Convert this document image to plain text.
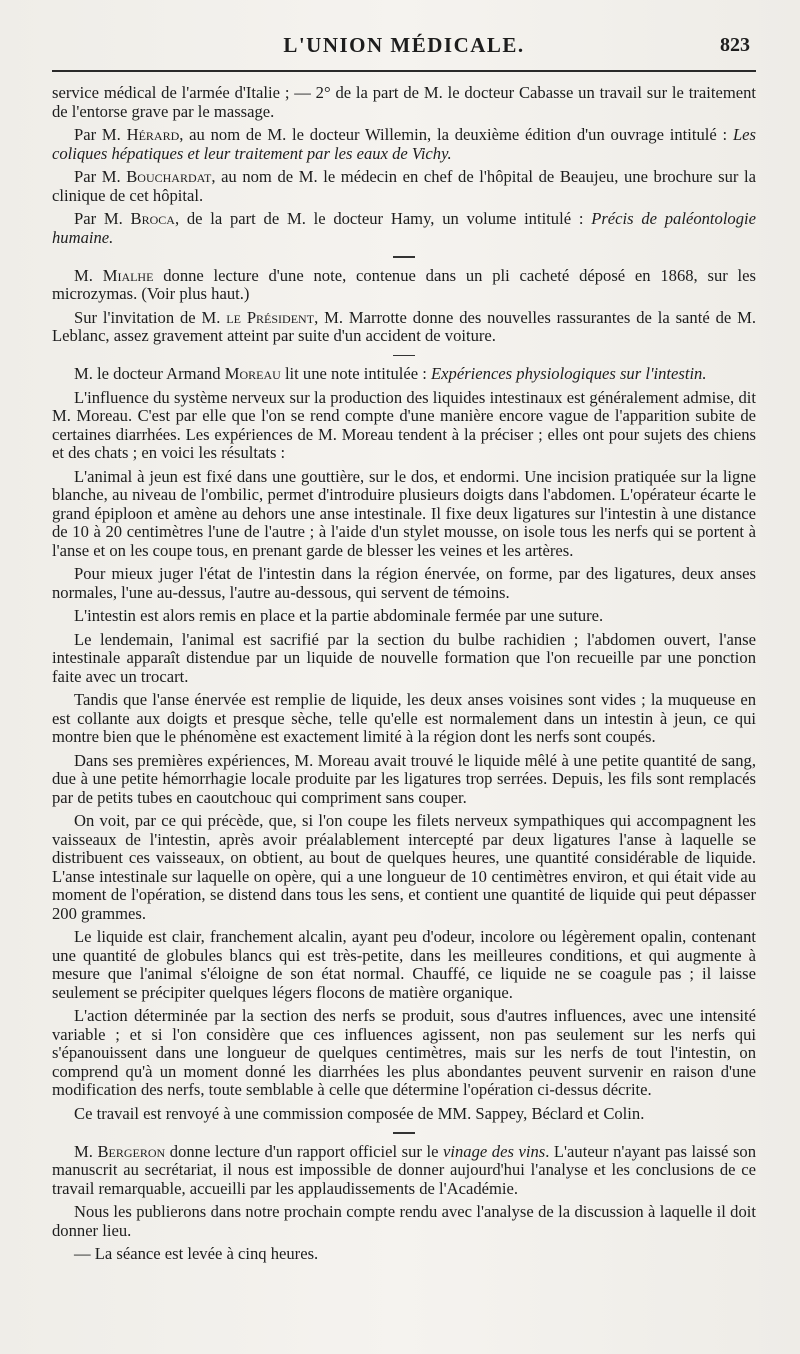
L'UNION MÉDICALE.	823

service médical de l'armée d'Italie ; — 2° de la part de M. le docteur Cabasse un travail sur le traitement de l'entorse grave par le massage.

Par M. Hérard, au nom de M. le docteur Willemin, la deuxième édition d'un ouvrage intitulé : Les coliques hépatiques et leur traitement par les eaux de Vichy.

Par M. Bouchardat, au nom de M. le médecin en chef de l'hôpital de Beaujeu, une brochure sur la clinique de cet hôpital.

Par M. Broca, de la part de M. le docteur Hamy, un volume intitulé : Précis de paléontologie humaine.

M. Mialhe donne lecture d'une note, contenue dans un pli cacheté déposé en 1868, sur les microzymas. (Voir plus haut.)

Sur l'invitation de M. le Président, M. Marrotte donne des nouvelles rassurantes de la santé de M. Leblanc, assez gravement atteint par suite d'un accident de voiture.

M. le docteur Armand Moreau lit une note intitulée : Expériences physiologiques sur l'intestin.

L'influence du système nerveux sur la production des liquides intestinaux est généralement admise, dit M. Moreau. C'est par elle que l'on se rend compte d'une manière encore vague de l'apparition subite de certaines diarrhées. Les expériences de M. Moreau tendent à la préciser ; elles ont pour sujets des chiens et des chats ; en voici les résultats :

L'animal à jeun est fixé dans une gouttière, sur le dos, et endormi. Une incision pratiquée sur la ligne blanche, au niveau de l'ombilic, permet d'introduire plusieurs doigts dans l'abdomen. L'opérateur écarte le grand épiploon et amène au dehors une anse intestinale. Il fixe deux ligatures sur l'intestin à une distance de 10 à 20 centimètres l'une de l'autre ; à l'aide d'un stylet mousse, on isole tous les nerfs qui se portent à l'anse et on les coupe tous, en prenant garde de blesser les veines et les artères.

Pour mieux juger l'état de l'intestin dans la région énervée, on forme, par des ligatures, deux anses normales, l'une au-dessus, l'autre au-dessous, qui servent de témoins.

L'intestin est alors remis en place et la partie abdominale fermée par une suture.

Le lendemain, l'animal est sacrifié par la section du bulbe rachidien ; l'abdomen ouvert, l'anse intestinale apparaît distendue par un liquide de nouvelle formation que l'on recueille par une ponction faite avec un trocart.

Tandis que l'anse énervée est remplie de liquide, les deux anses voisines sont vides ; la muqueuse en est collante aux doigts et presque sèche, telle qu'elle est normalement dans un intestin à jeun, ce qui montre bien que le phénomène est exactement limité à la région dont les nerfs sont coupés.

Dans ses premières expériences, M. Moreau avait trouvé le liquide mêlé à une petite quantité de sang, due à une petite hémorrhagie locale produite par les ligatures trop serrées. Depuis, les fils sont remplacés par de petits tubes en caoutchouc qui compriment sans couper.

On voit, par ce qui précède, que, si l'on coupe les filets nerveux sympathiques qui accompagnent les vaisseaux de l'intestin, après avoir préalablement intercepté par deux ligatures l'anse à laquelle se distribuent ces vaisseaux, on obtient, au bout de quelques heures, une quantité considérable de liquide. L'anse intestinale sur laquelle on opère, qui a une longueur de 10 centimètres environ, et qui était vide au moment de l'opération, se distend dans tous les sens, et contient une quantité de liquide qui peut dépasser 200 grammes.

Le liquide est clair, franchement alcalin, ayant peu d'odeur, incolore ou légèrement opalin, contenant une quantité de globules blancs qui est très-petite, dans les meilleures conditions, et qui augmente à mesure que l'animal s'éloigne de son état normal. Chauffé, ce liquide ne se coagule pas ; il laisse seulement se précipiter quelques légers flocons de matière organique.

L'action déterminée par la section des nerfs se produit, sous d'autres influences, avec une intensité variable ; et si l'on considère que ces influences agissent, non pas seulement sur les nerfs qui s'épanouissent dans une longueur de quelques centimètres, mais sur les nerfs de tout l'intestin, on comprend qu'à un moment donné les diarrhées les plus abondantes peuvent survenir en raison d'une modification des nerfs, toute semblable à celle que détermine l'opération ci-dessus décrite.

Ce travail est renvoyé à une commission composée de MM. Sappey, Béclard et Colin.

M. Bergeron donne lecture d'un rapport officiel sur le vinage des vins. L'auteur n'ayant pas laissé son manuscrit au secrétariat, il nous est impossible de donner aujourd'hui l'analyse et les conclusions de ce travail remarquable, accueilli par les applaudissements de l'Académie.

Nous les publierons dans notre prochain compte rendu avec l'analyse de la discussion à laquelle il doit donner lieu.

— La séance est levée à cinq heures.
